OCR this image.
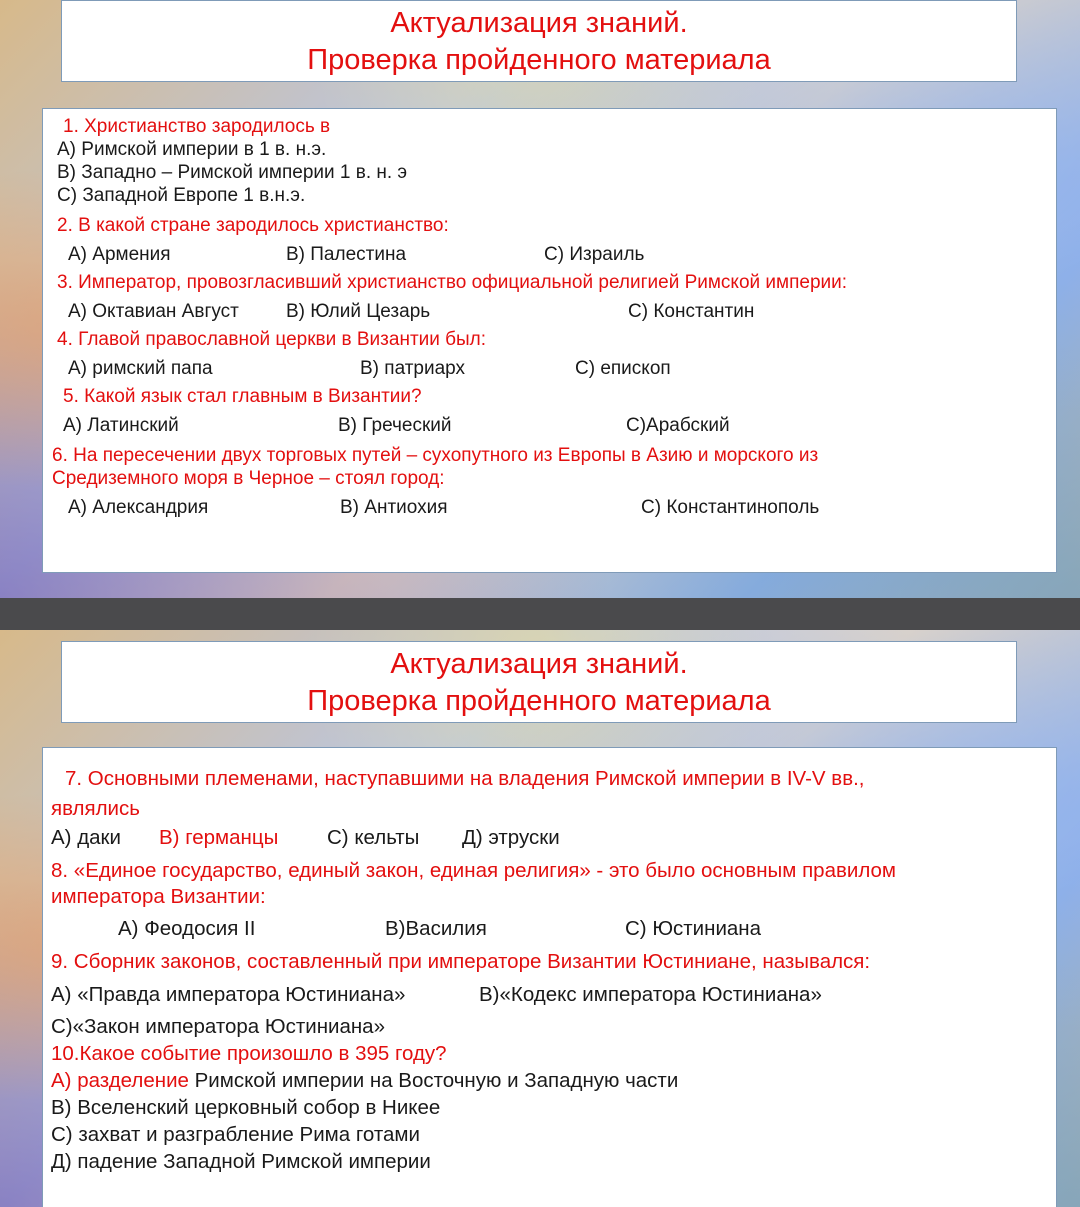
Актуализация знаний.
Проверка пройденного материала
1. Христианство зародилось в
А) Римской империи в 1 в. н.э.
В) Западно – Римской империи 1 в. н. э
С) Западной Европе 1 в.н.э.
2. В какой стране зародилось христианство:
А) Армения	В) Палестина	С) Израиль
3. Император, провозгласивший христианство официальной религией Римской империи:
А) Октавиан Август В) Юлий Цезарь	С) Константин
4. Главой православной церкви в Византии был:
А) римский папа	В) патриарх	С) епископ
5. Какой язык стал главным в Византии?
А) Латинский	В) Греческий	С)Арабский
6. На пересечении двух торговых путей – сухопутного из Европы в Азию и морского из
Средиземного моря в Черное – стоял город:
А) Александрия	В) Антиохия	С) Константинополь
Актуализация знаний.
Проверка пройденного материала
7. Основными племенами, наступавшими на владения Римской империи в IV-V вв.,
являлись
А) даки В) германцы С) кельты Д) этруски
8. «Единое государство, единый закон, единая религия» - это было основным правилом
императора Византии:
А) Феодосия II	В)Василия	С) Юстиниана
9. Сборник законов, составленный при императоре Византии Юстиниане, назывался:
А) «Правда императора Юстиниана»	В)«Кодекс императора Юстиниана»
С)«Закон императора Юстиниана»
10.Какое событие произошло в 395 году?
А) разделение Римской империи на Восточную и Западную части
В) Вселенский церковный собор в Никее
С) захват и разграбление Рима готами
Д) падение Западной Римской империи
